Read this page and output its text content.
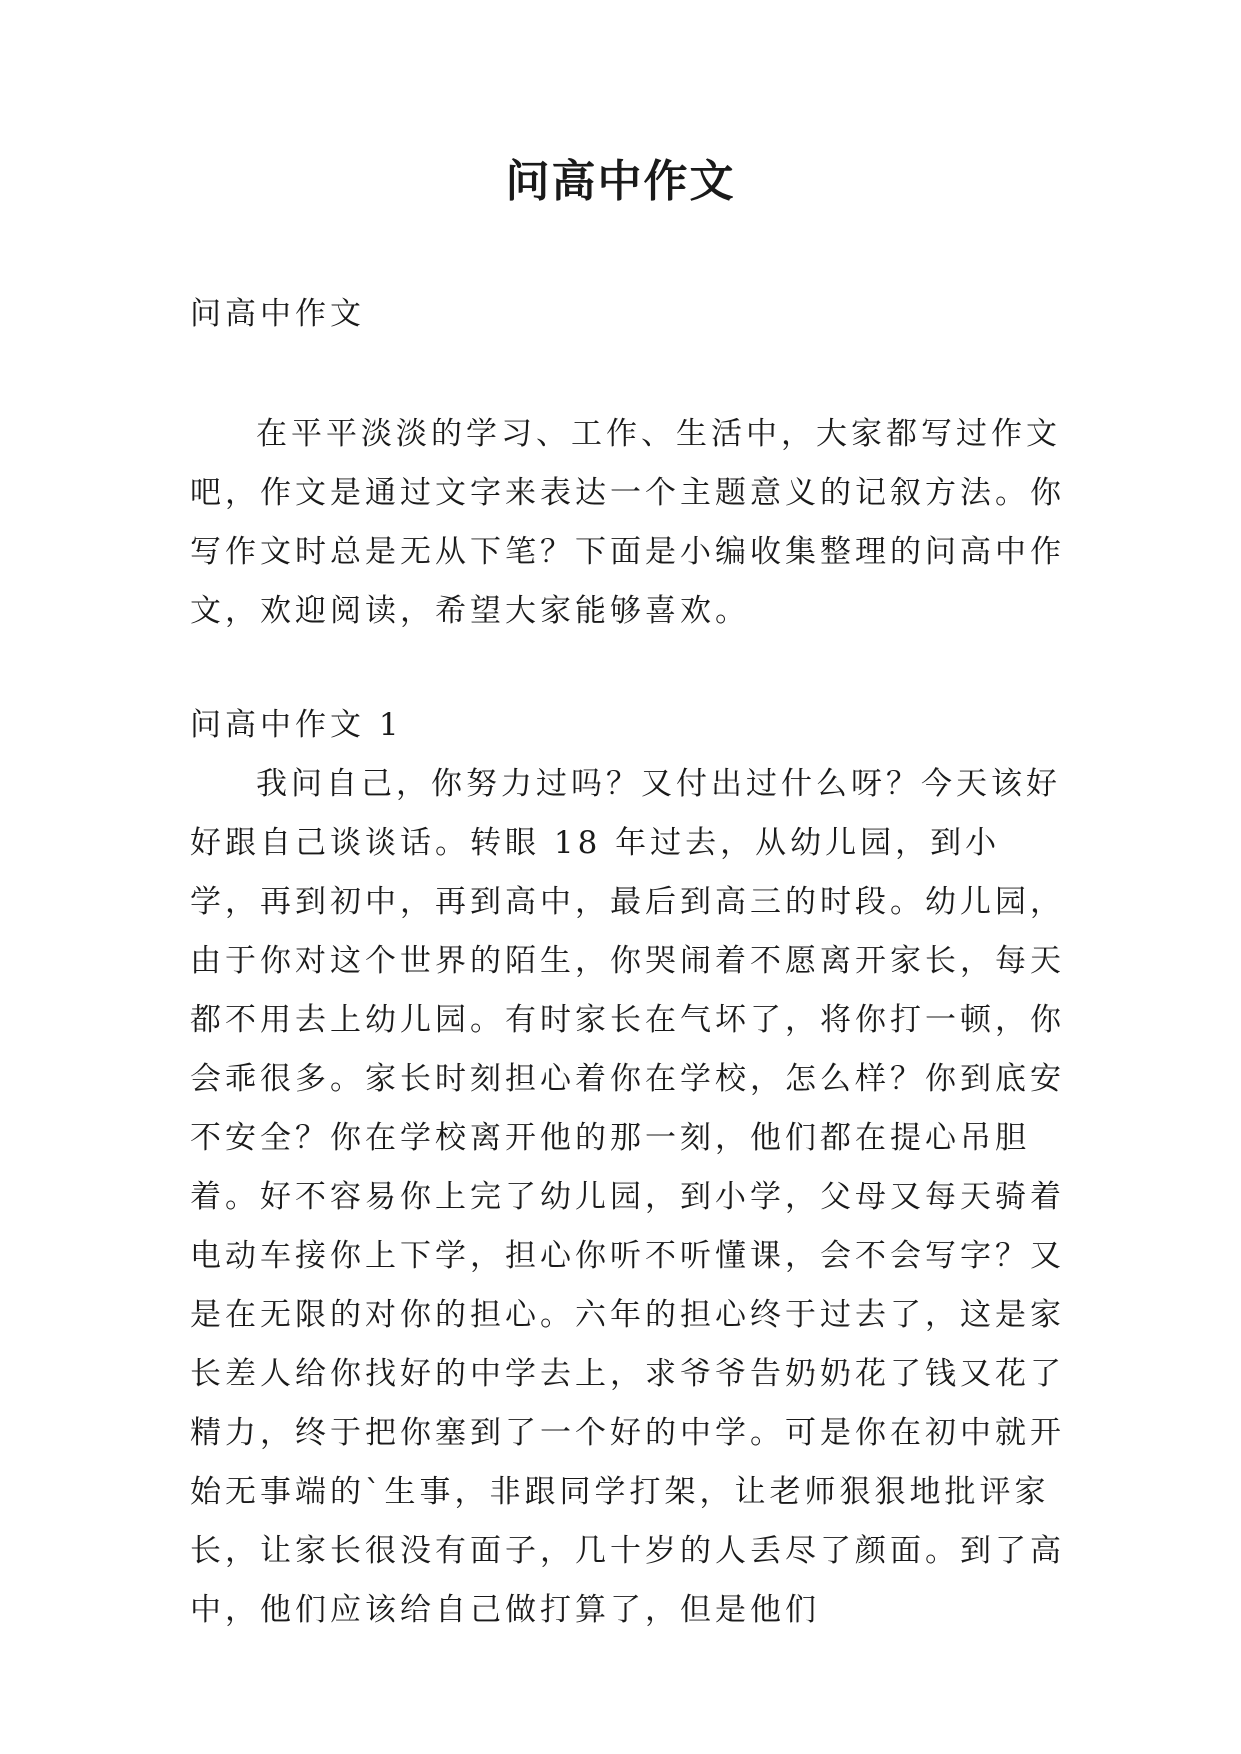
问高中作文

问高中作文

在平平淡淡的学习、工作、生活中，大家都写过作文吧，作文是通过文字来表达一个主题意义的记叙方法。你写作文时总是无从下笔？下面是小编收集整理的问高中作文，欢迎阅读，希望大家能够喜欢。

问高中作文 1

我问自己，你努力过吗？又付出过什么呀？今天该好好跟自己谈谈话。转眼 18 年过去，从幼儿园，到小学，再到初中，再到高中，最后到高三的时段。幼儿园，由于你对这个世界的陌生，你哭闹着不愿离开家长，每天都不用去上幼儿园。有时家长在气坏了，将你打一顿，你会乖很多。家长时刻担心着你在学校，怎么样？你到底安不安全？你在学校离开他的那一刻，他们都在提心吊胆着。好不容易你上完了幼儿园，到小学，父母又每天骑着电动车接你上下学，担心你听不听懂课，会不会写字？又是在无限的对你的担心。六年的担心终于过去了，这是家长差人给你找好的中学去上，求爷爷告奶奶花了钱又花了精力，终于把你塞到了一个好的中学。可是你在初中就开始无事端的`生事，非跟同学打架，让老师狠狠地批评家长，让家长很没有面子，几十岁的人丢尽了颜面。到了高中，他们应该给自己做打算了，但是他们
